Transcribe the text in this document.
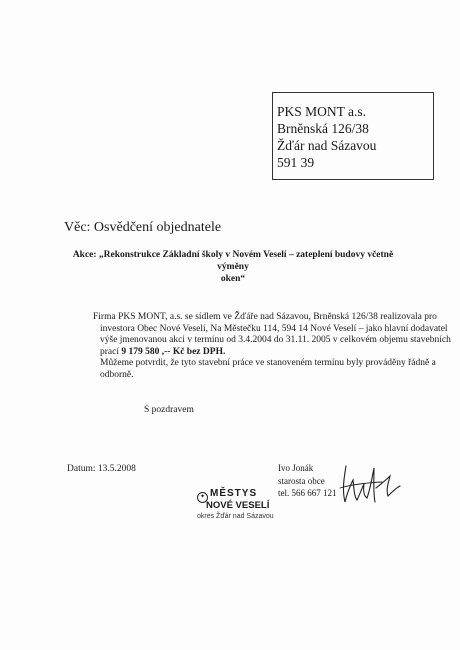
PKS MONT a.s.
Brněnská 126/38
Žďár nad Sázavou
591 39
Věc: Osvědčení objednatele
Akce: „Rekonstrukce Základní školy v Novém Veselí – zateplení budovy včetně výměny
oken“
Firma PKS MONT, a.s. se sídlem ve Žďáře nad Sázavou, Brněnská 126/38 realizovala pro
investora Obec Nové Veselí, Na Městečku 114, 594 14 Nové Veselí – jako hlavní dodavatel
výše jmenovanou akci v termínu od 3.4.2004 do 31.11. 2005 v celkovém objemu stavebních
prací 9 179 580 ,-- Kč bez DPH.
Můžeme potvrdit, že tyto stavební práce ve stanoveném termínu byly prováděny řádně a
odborně.
S pozdravem
Datum: 13.5.2008	Ivo Jonák
starosta obce
tel. 566 667 121
✦ MĚSTYS
NOVÉ VESELÍ
okres Žďár nad Sázavou
